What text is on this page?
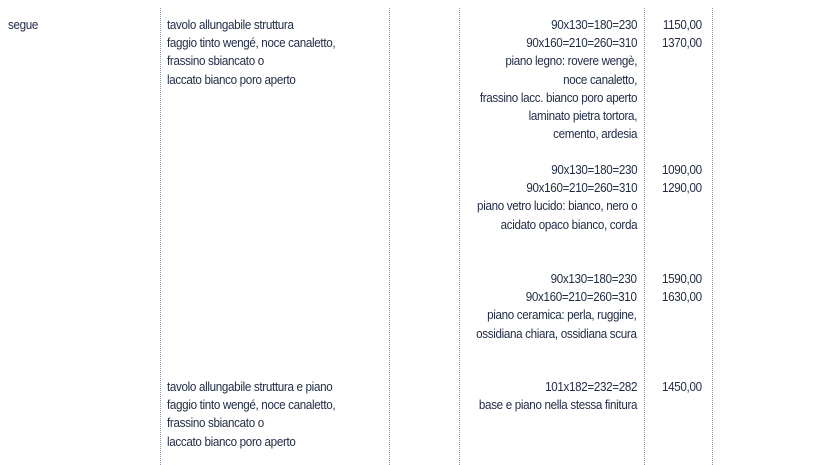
segue	tavolo allungabile struttura
faggio tinto wengé, noce canaletto,
frassino sbiancato o
laccato bianco poro aperto
90x130=180=230
90x160=210=260=310
piano legno: rovere wengè,
noce canaletto,
frassino lacc. bianco poro aperto
laminato pietra tortora,
cemento, ardesia
1150,00
1370,00
90x130=180=230
90x160=210=260=310
piano vetro lucido: bianco, nero o
acidato opaco bianco, corda
1090,00
1290,00
90x130=180=230
90x160=210=260=310
piano ceramica: perla, ruggine,
ossidiana chiara, ossidiana scura
1590,00
1630,00
tavolo allungabile struttura e piano
faggio tinto wengé, noce canaletto,
frassino sbiancato o
laccato bianco poro aperto
101x182=232=282
base e piano nella stessa finitura
1450,00
